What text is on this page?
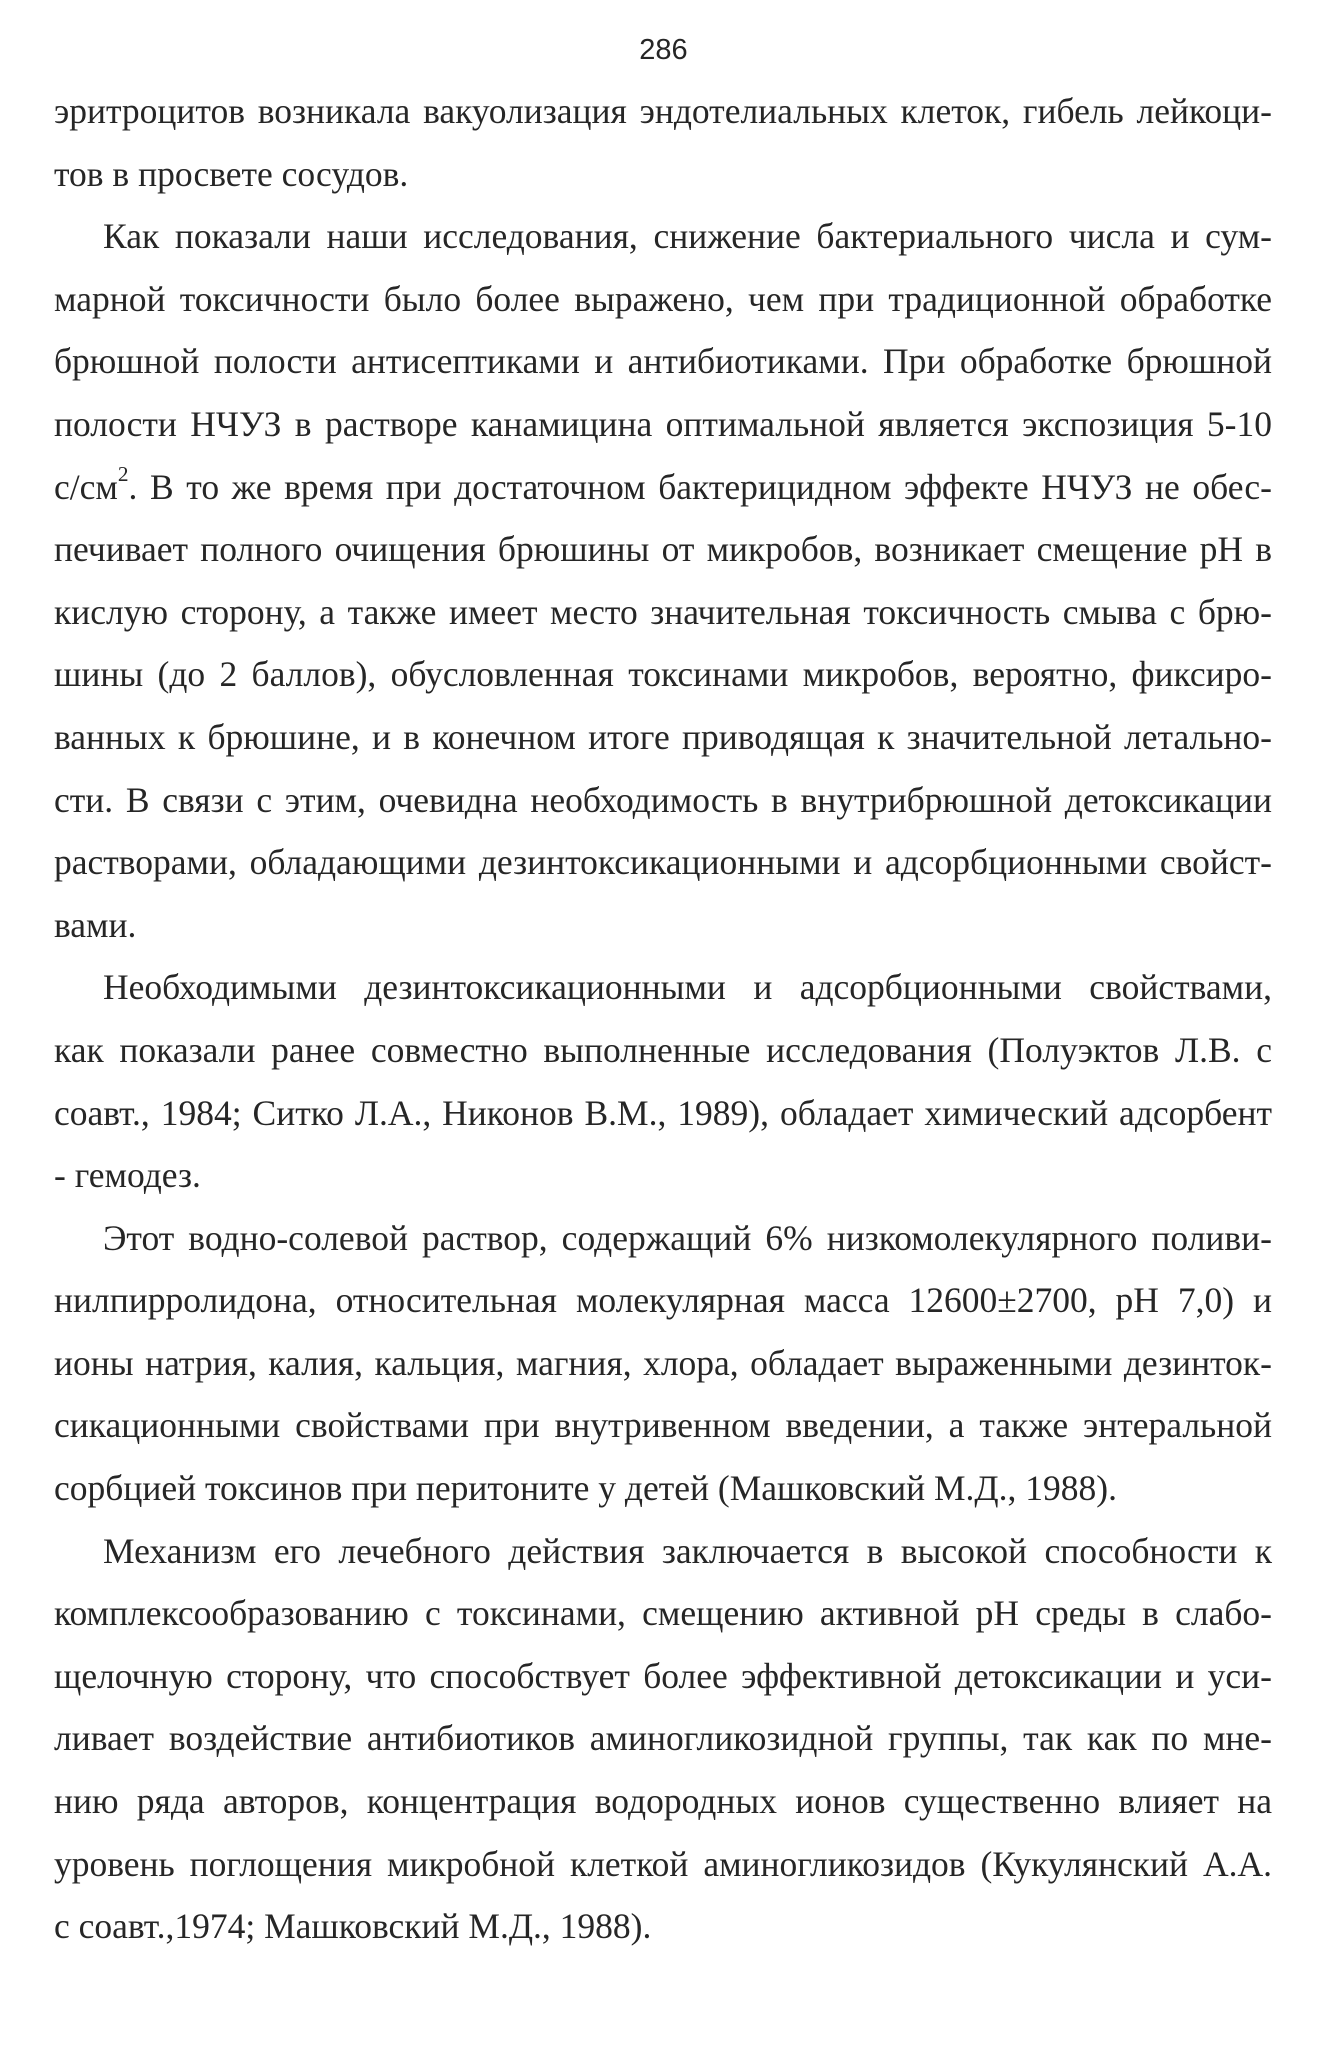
286

эритроцитов возникала вакуолизация эндотелиальных клеток, гибель лейкоци-
тов в просвете сосудов.

Как показали наши исследования, снижение бактериального числа и сум-
марной токсичности было более выражено, чем при традиционной обработке
брюшной полости антисептиками и антибиотиками. При обработке брюшной
полости НЧУЗ в растворе канамицина оптимальной является экспозиция 5-10
$с/см^2$. В то же время при достаточном бактерицидном эффекте НЧУЗ не обес-
печивает полного очищения брюшины от микробов, возникает смещение рН в
кислую сторону, а также имеет место значительная токсичность смыва с брю-
шины (до 2 баллов), обусловленная токсинами микробов, вероятно, фиксиро-
ванных к брюшине, и в конечном итоге приводящая к значительной летально-
сти. В связи с этим, очевидна необходимость в внутрибрюшной детоксикации
растворами, обладающими дезинтоксикационными и адсорбционными свойст-
вами.

Необходимыми дезинтоксикационными и адсорбционными свойствами,
как показали ранее совместно выполненные исследования (Полуэктов Л.В. с
соавт., 1984; Ситко Л.А., Никонов В.М., 1989), обладает химический адсорбент
- гемодез.

Этот водно-солевой раствор, содержащий 6% низкомолекулярного поливи-
нилпирролидона, относительная молекулярная масса 12600±2700, рН 7,0) и
ионы натрия, калия, кальция, магния, хлора, обладает выраженными дезинток-
сикационными свойствами при внутривенном введении, а также энтеральной
сорбцией токсинов при перитоните у детей (Машковский М.Д., 1988).

Механизм его лечебного действия заключается в высокой способности к
комплексообразованию с токсинами, смещению активной рН среды в слабо-
щелочную сторону, что способствует более эффективной детоксикации и уси-
ливает воздействие антибиотиков аминогликозидной группы, так как по мне-
нию ряда авторов, концентрация водородных ионов существенно влияет на
уровень поглощения микробной клеткой аминогликозидов (Кукулянский А.А.
с соавт.,1974; Машковский М.Д., 1988).
